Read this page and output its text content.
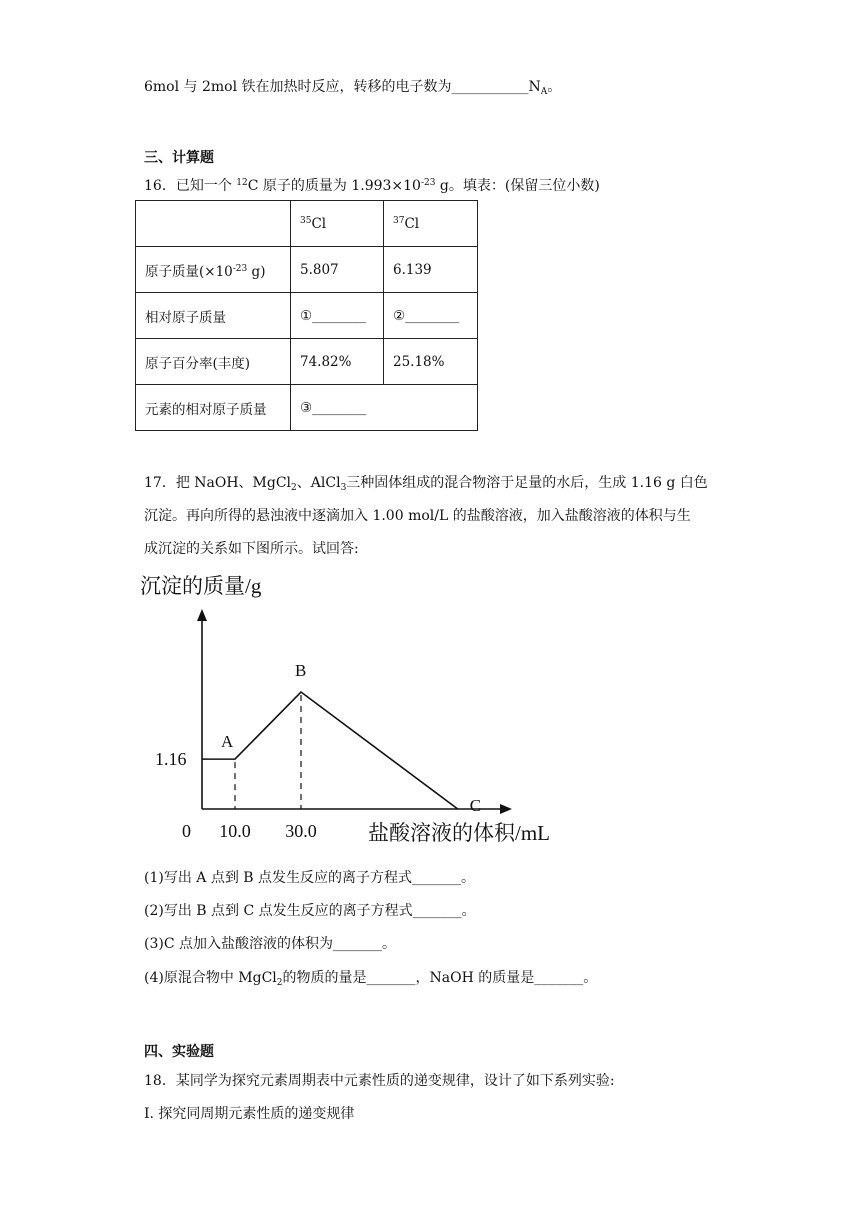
6mol 与 2mol 铁在加热时反应，转移的电子数为$\_\_\_\_\_\_\_\_\_\_\_N_A$。
三、计算题
16．已知一个 $^{12}$C 原子的质量为 $1.993\times 10^{-23}$ g。填表：(保留三位小数)
	$^{35}$Cl	$^{37}$Cl
原子质量($\times 10^{-23}$ g)	5.807	6.139
相对原子质量	①________	②________
原子百分率(丰度)	74.82%	25.18%
元素的相对原子质量	③________	
17．把 NaOH、MgCl$_2$、AlCl$_3$三种固体组成的混合物溶于足量的水后，生成 1.16 g 白色
沉淀。再向所得的悬浊液中逐滴加入 1.00 mol/L 的盐酸溶液，加入盐酸溶液的体积与生
成沉淀的关系如下图所示。试回答:
沉淀的质量/g
0 10.0 30.0
1.16
盐酸溶液的体积/mL
A
B
C
(1)写出 A 点到 B 点发生反应的离子方程式_______。
(2)写出 B 点到 C 点发生反应的离子方程式_______。
(3)C 点加入盐酸溶液的体积为_______。
(4)原混合物中 MgCl$_2$的物质的量是_______，NaOH 的质量是_______。
四、实验题
18．某同学为探究元素周期表中元素性质的递变规律，设计了如下系列实验:
I. 探究同周期元素性质的递变规律
